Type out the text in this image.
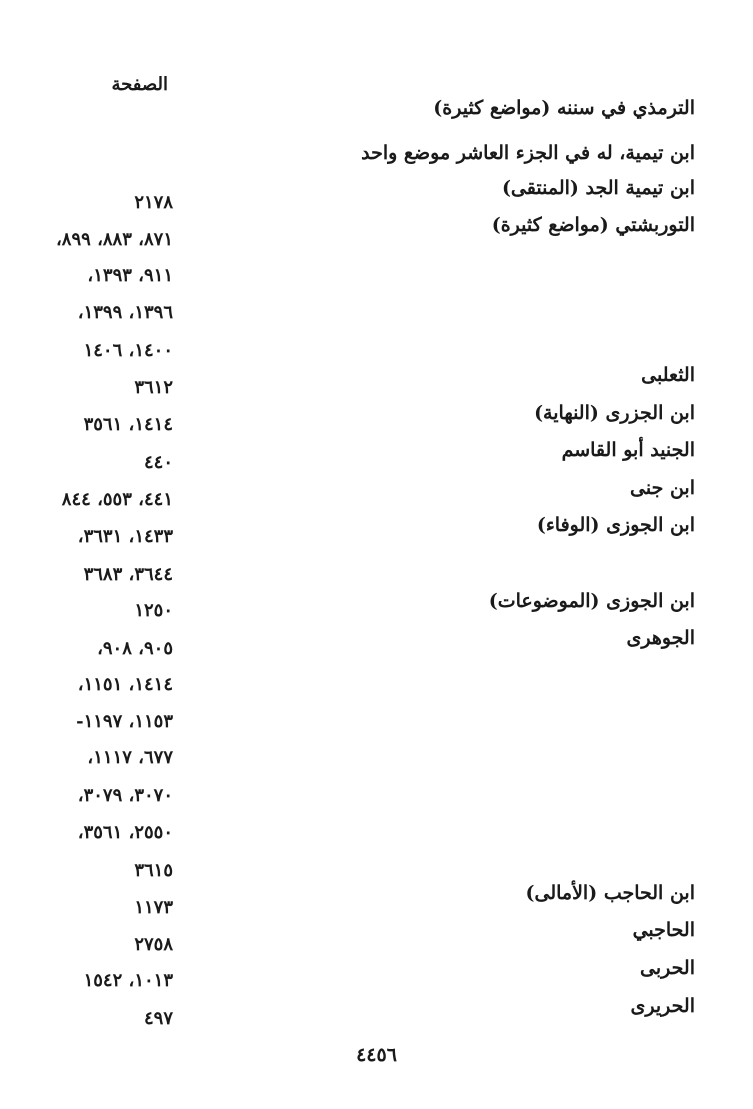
الصفحة

الترمذي في سننه (مواضع كثيرة)

ابن تيمية، له في الجزء العاشر موضع واحد

ابن تيمية الجد (المنتقى)

التوربشتي (مواضع كثيرة)

الثعلبى

ابن الجزرى (النهاية)

الجنيد أبو القاسم

ابن جنى

ابن الجوزى (الوفاء)

ابن الجوزى (الموضوعات)

الجوهرى

ابن الحاجب (الأمالى)

الحاجبي

الحربى

الحريرى

٢١٧٨

٨٧١، ٨٨٣، ٨٩٩،

٩١١، ١٣٩٣،

١٣٩٦، ١٣٩٩،

١٤٠٠، ١٤٠٦

٣٦١٢

١٤١٤، ٣٥٦١

٤٤٠

٤٤١، ٥٥٣، ٨٤٤

١٤٣٣، ٣٦٣١،

٣٦٤٤، ٣٦٨٣

١٢٥٠

٩٠٥، ٩٠٨،

١٤١٤، ١١٥١،

١١٥٣، ١١٩٧-

٦٧٧، ١١١٧،

٣٠٧٠، ٣٠٧٩،

٢٥٥٠، ٣٥٦١،

٣٦١٥

١١٧٣

٢٧٥٨

١٠١٣، ١٥٤٢

٤٩٧

٤٤٥٦
